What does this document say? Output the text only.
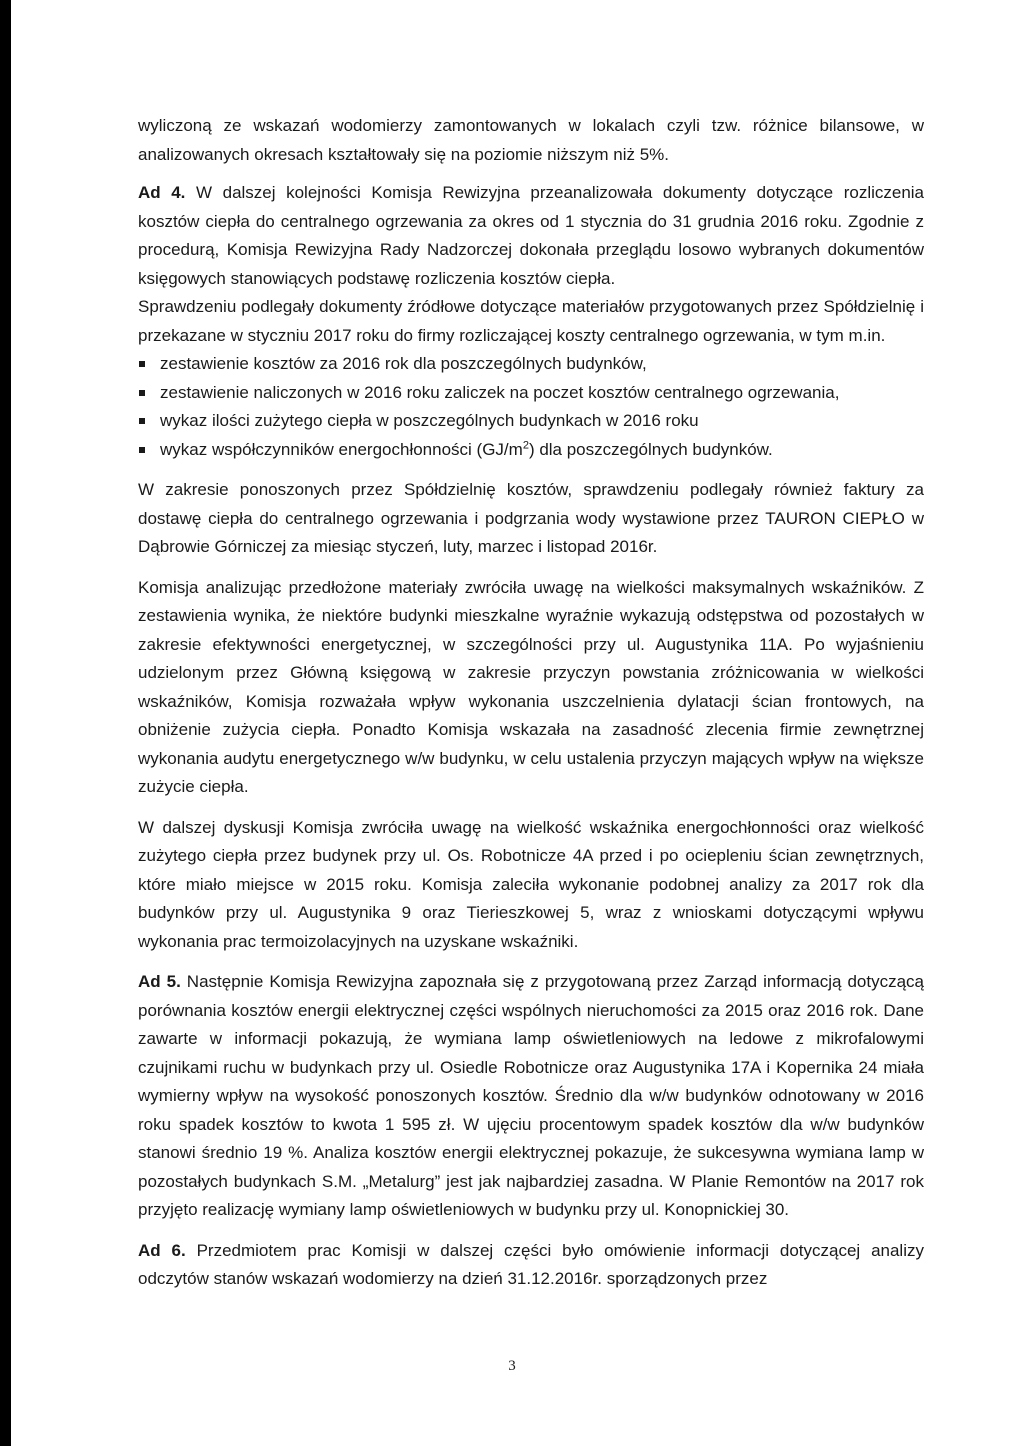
wyliczoną ze wskazań wodomierzy zamontowanych w lokalach czyli tzw. różnice bilansowe, w analizowanych okresach kształtowały się na poziomie niższym niż 5%.

Ad 4. W dalszej kolejności Komisja Rewizyjna przeanalizowała dokumenty dotyczące rozliczenia kosztów ciepła do centralnego ogrzewania za okres od 1 stycznia do 31 grudnia 2016 roku. Zgodnie z procedurą, Komisja Rewizyjna Rady Nadzorczej dokonała przeglądu losowo wybranych dokumentów księgowych stanowiących podstawę rozliczenia kosztów ciepła.

Sprawdzeniu podlegały dokumenty źródłowe dotyczące materiałów przygotowanych przez Spółdzielnię i przekazane w styczniu 2017 roku do firmy rozliczającej koszty centralnego ogrzewania, w tym m.in.

zestawienie kosztów za 2016 rok dla poszczególnych budynków,
zestawienie naliczonych w 2016 roku zaliczek na poczet kosztów centralnego ogrzewania,
wykaz ilości zużytego ciepła w poszczególnych budynkach w 2016 roku
wykaz współczynników energochłonności $(GJ/m^2)$ dla poszczególnych budynków.

W zakresie ponoszonych przez Spółdzielnię kosztów, sprawdzeniu podlegały również faktury za dostawę ciepła do centralnego ogrzewania i podgrzania wody wystawione przez TAURON CIEPŁO w Dąbrowie Górniczej za miesiąc styczeń, luty, marzec i listopad 2016r.

Komisja analizując przedłożone materiały zwróciła uwagę na wielkości maksymalnych wskaźników. Z zestawienia wynika, że niektóre budynki mieszkalne wyraźnie wykazują odstępstwa od pozostałych w zakresie efektywności energetycznej, w szczególności przy ul. Augustynika 11A. Po wyjaśnieniu udzielonym przez Główną księgową w zakresie przyczyn powstania zróżnicowania w wielkości wskaźników, Komisja rozważała wpływ wykonania uszczelnienia dylatacji ścian frontowych, na obniżenie zużycia ciepła. Ponadto Komisja wskazała na zasadność zlecenia firmie zewnętrznej wykonania audytu energetycznego w/w budynku, w celu ustalenia przyczyn mających wpływ na większe zużycie ciepła.

W dalszej dyskusji Komisja zwróciła uwagę na wielkość wskaźnika energochłonności oraz wielkość zużytego ciepła przez budynek przy ul. Os. Robotnicze 4A przed i po ociepleniu ścian zewnętrznych, które miało miejsce w 2015 roku. Komisja zaleciła wykonanie podobnej analizy za 2017 rok dla budynków przy ul. Augustynika 9 oraz Tierieszkowej 5, wraz z wnioskami dotyczącymi wpływu wykonania prac termoizolacyjnych na uzyskane wskaźniki.

Ad 5. Następnie Komisja Rewizyjna zapoznała się z przygotowaną przez Zarząd informacją dotyczącą porównania kosztów energii elektrycznej części wspólnych nieruchomości za 2015 oraz 2016 rok. Dane zawarte w informacji pokazują, że wymiana lamp oświetleniowych na ledowe z mikrofalowymi czujnikami ruchu w budynkach przy ul. Osiedle Robotnicze oraz Augustynika 17A i Kopernika 24 miała wymierny wpływ na wysokość ponoszonych kosztów. Średnio dla w/w budynków odnotowany w 2016 roku spadek kosztów to kwota 1 595 zł. W ujęciu procentowym spadek kosztów dla w/w budynków stanowi średnio 19 %. Analiza kosztów energii elektrycznej pokazuje, że sukcesywna wymiana lamp w pozostałych budynkach S.M. „Metalurg” jest jak najbardziej zasadna. W Planie Remontów na 2017 rok przyjęto realizację wymiany lamp oświetleniowych w budynku przy ul. Konopnickiej 30.

Ad 6. Przedmiotem prac Komisji w dalszej części było omówienie informacji dotyczącej analizy odczytów stanów wskazań wodomierzy na dzień 31.12.2016r. sporządzonych przez

3
